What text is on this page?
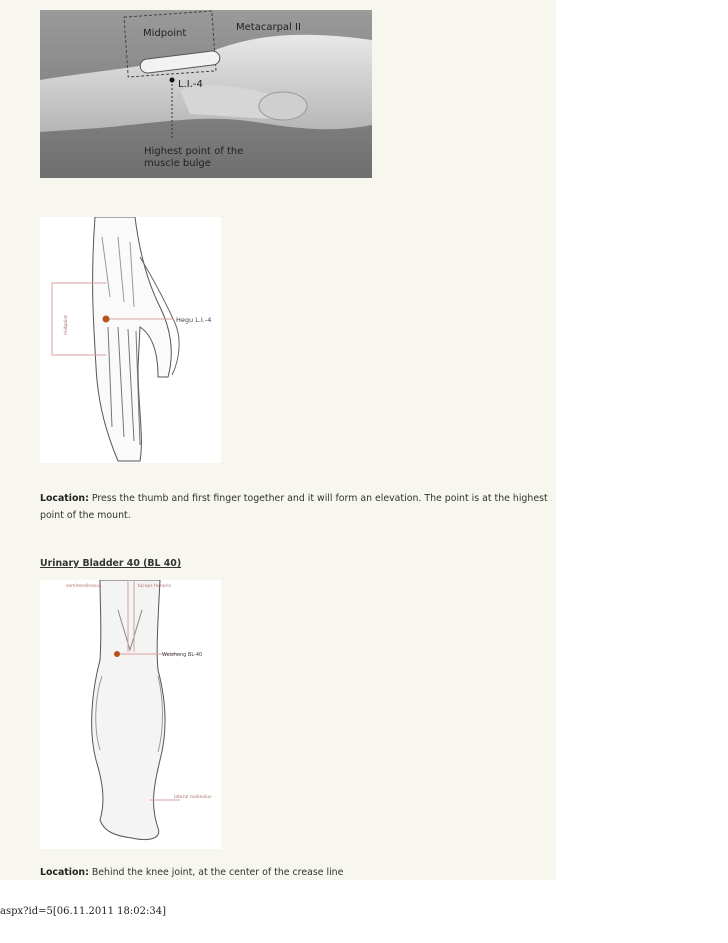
Midpoint
Metacarpal II
L.I.-4
Highest point of the
muscle bulge
Hegu L.I.-4
midpoint
Location: Press the thumb and first finger together and it will form an elevation. The point is at the highest point of the mount.
Urinary Bladder 40 (BL 40)
semitendinosus	biceps femoris
Weizhong BL-40
lateral malleolus
Location: Behind the knee joint, at the center of the crease line
aspx?id=5[06.11.2011 18:02:34]
